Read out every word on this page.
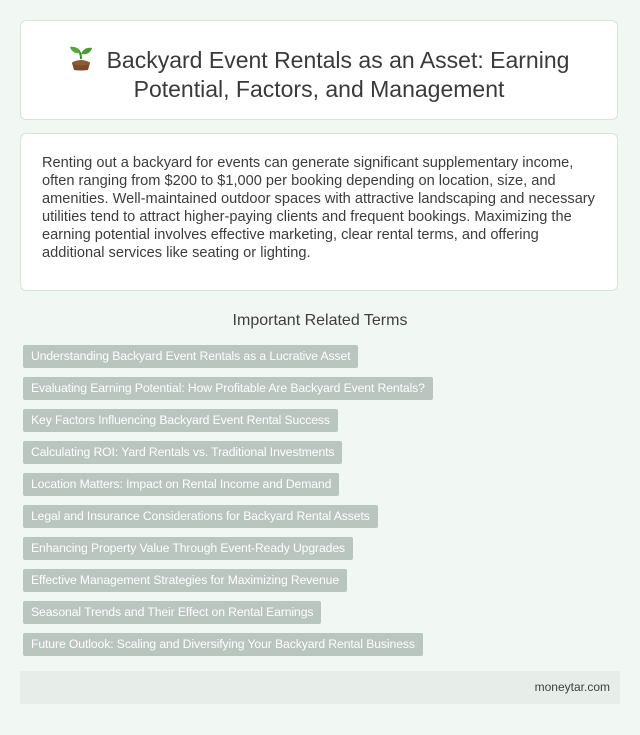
Backyard Event Rentals as an Asset: Earning Potential, Factors, and Management

Renting out a backyard for events can generate significant supplementary income, often ranging from $200 to $1,000 per booking depending on location, size, and amenities. Well-maintained outdoor spaces with attractive landscaping and necessary utilities tend to attract higher-paying clients and frequent bookings. Maximizing the earning potential involves effective marketing, clear rental terms, and offering additional services like seating or lighting.

Important Related Terms
Understanding Backyard Event Rentals as a Lucrative Asset
Evaluating Earning Potential: How Profitable Are Backyard Event Rentals?
Key Factors Influencing Backyard Event Rental Success
Calculating ROI: Yard Rentals vs. Traditional Investments
Location Matters: Impact on Rental Income and Demand
Legal and Insurance Considerations for Backyard Rental Assets
Enhancing Property Value Through Event-Ready Upgrades
Effective Management Strategies for Maximizing Revenue
Seasonal Trends and Their Effect on Rental Earnings
Future Outlook: Scaling and Diversifying Your Backyard Rental Business
moneytar.com
